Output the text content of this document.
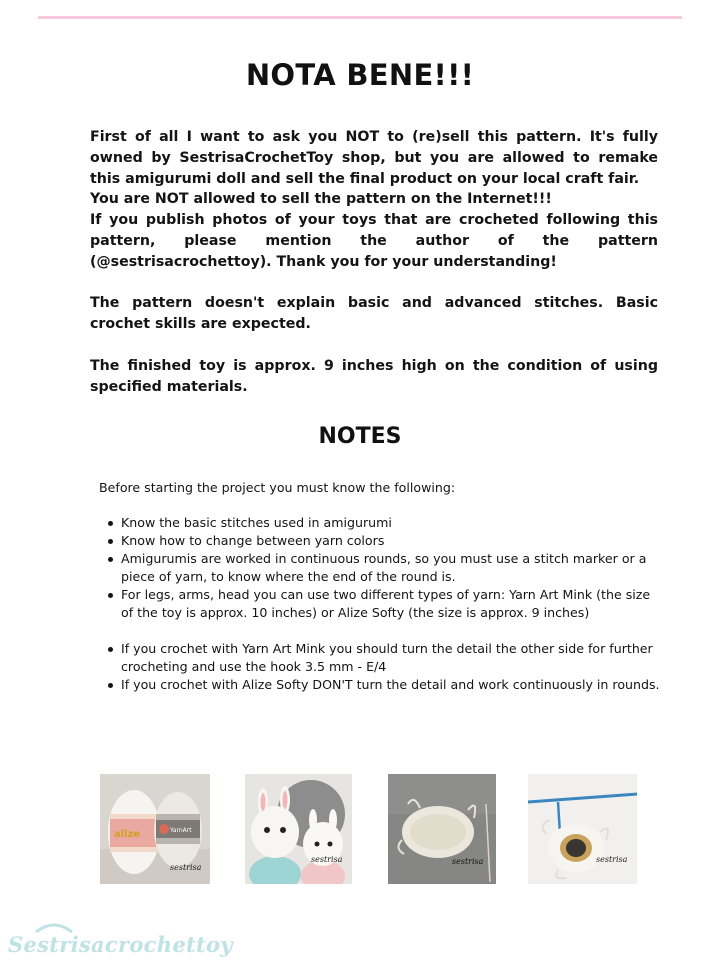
NOTA BENE!!!

First of all I want to ask you NOT to (re)sell this pattern. It's fully owned by SestrisaCrochetToy shop, but you are allowed to remake this amigurumi doll and sell the final product on your local craft fair.

You are NOT allowed to sell the pattern on the Internet!!!

If you publish photos of your toys that are crocheted following this pattern, please mention the author of the pattern (@sestrisacrochettoy). Thank you for your understanding!

The pattern doesn't explain basic and advanced stitches. Basic crochet skills are expected.

The finished toy is approx. 9 inches high on the condition of using specified materials.

NOTES
Before starting the project you must know the following:
Know the basic stitches used in amigurumi
Know how to change between yarn colors
Amigurumis are worked in continuous rounds, so you must use a stitch marker or a piece of yarn, to know where the end of the round is.
For legs, arms, head you can use two different types of yarn: Yarn Art Mink (the size of the toy is approx. 10 inches) or Alize Softy (the size is approx. 9 inches)
If you crochet with Yarn Art Mink you should turn the detail the other side for further crocheting and use the hook 3.5 mm - E/4
If you crochet with Alize Softy DON'T turn the detail and work continuously in rounds.
alize	YarnArt
sestrisa
sestrisa	sestrisa	sestrisa
Sestrisacrochettoy
